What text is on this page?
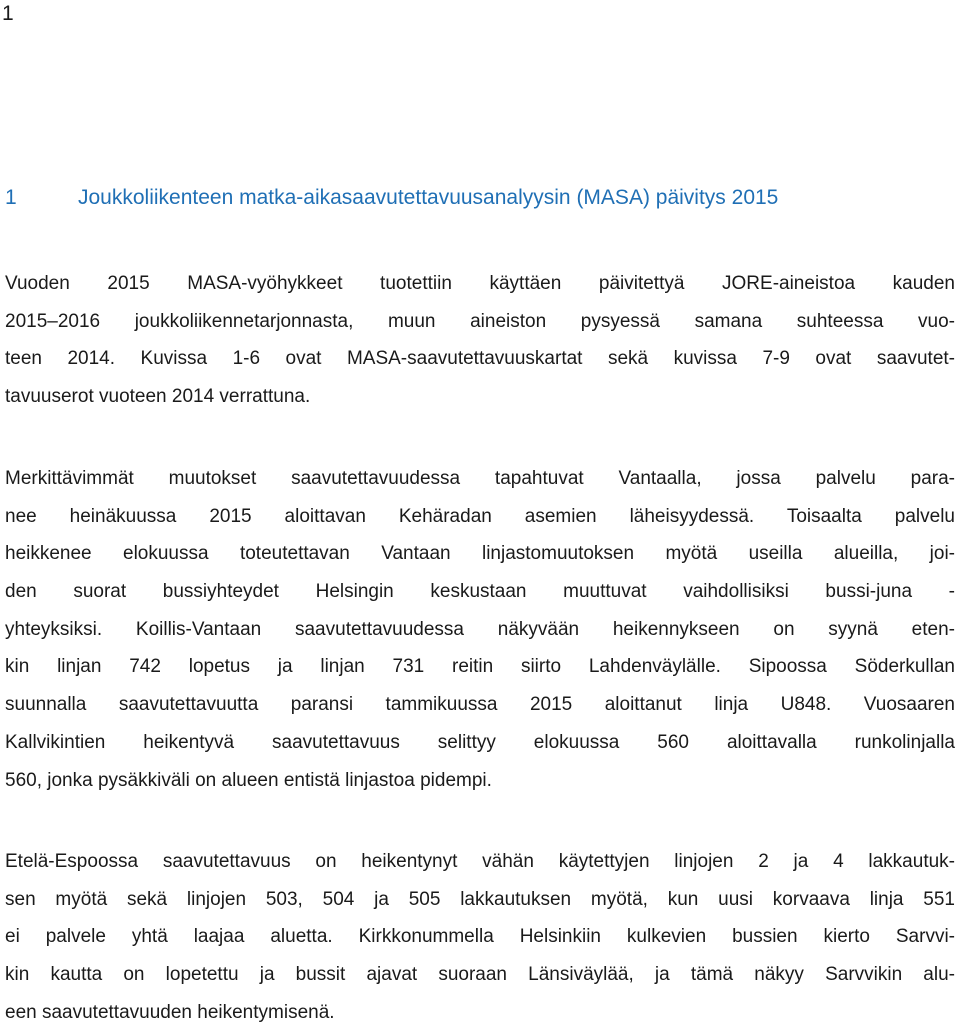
1
1	Joukkoliikenteen matka-aikasaavutettavuusanalyysin (MASA) päivitys 2015
Vuoden 2015 MASA-vyöhykkeet tuotettiin käyttäen päivitettyä JORE-aineistoa kauden
2015–2016 joukkoliikennetarjonnasta, muun aineiston pysyessä samana suhteessa vuo-
teen 2014. Kuvissa 1-6 ovat MASA-saavutettavuuskartat sekä kuvissa 7-9 ovat saavutet-
tavuuserot vuoteen 2014 verrattuna.
Merkittävimmät muutokset saavutettavuudessa tapahtuvat Vantaalla, jossa palvelu para-
nee heinäkuussa 2015 aloittavan Kehäradan asemien läheisyydessä. Toisaalta palvelu
heikkenee elokuussa toteutettavan Vantaan linjastomuutoksen myötä useilla alueilla, joi-
den suorat bussiyhteydet Helsingin keskustaan muuttuvat vaihdollisiksi bussi-juna -
yhteyksiksi. Koillis-Vantaan saavutettavuudessa näkyvään heikennykseen on syynä eten-
kin linjan 742 lopetus ja linjan 731 reitin siirto Lahdenväylälle. Sipoossa Söderkullan
suunnalla saavutettavuutta paransi tammikuussa 2015 aloittanut linja U848. Vuosaaren
Kallvikintien heikentyvä saavutettavuus selittyy elokuussa 560 aloittavalla runkolinjalla
560, jonka pysäkkiväli on alueen entistä linjastoa pidempi.
Etelä-Espoossa saavutettavuus on heikentynyt vähän käytettyjen linjojen 2 ja 4 lakkautuk-
sen myötä sekä linjojen 503, 504 ja 505 lakkautuksen myötä, kun uusi korvaava linja 551
ei palvele yhtä laajaa aluetta. Kirkkonummella Helsinkiin kulkevien bussien kierto Sarvvi-
kin kautta on lopetettu ja bussit ajavat suoraan Länsiväylää, ja tämä näkyy Sarvvikin alu-
een saavutettavuuden heikentymisenä.
